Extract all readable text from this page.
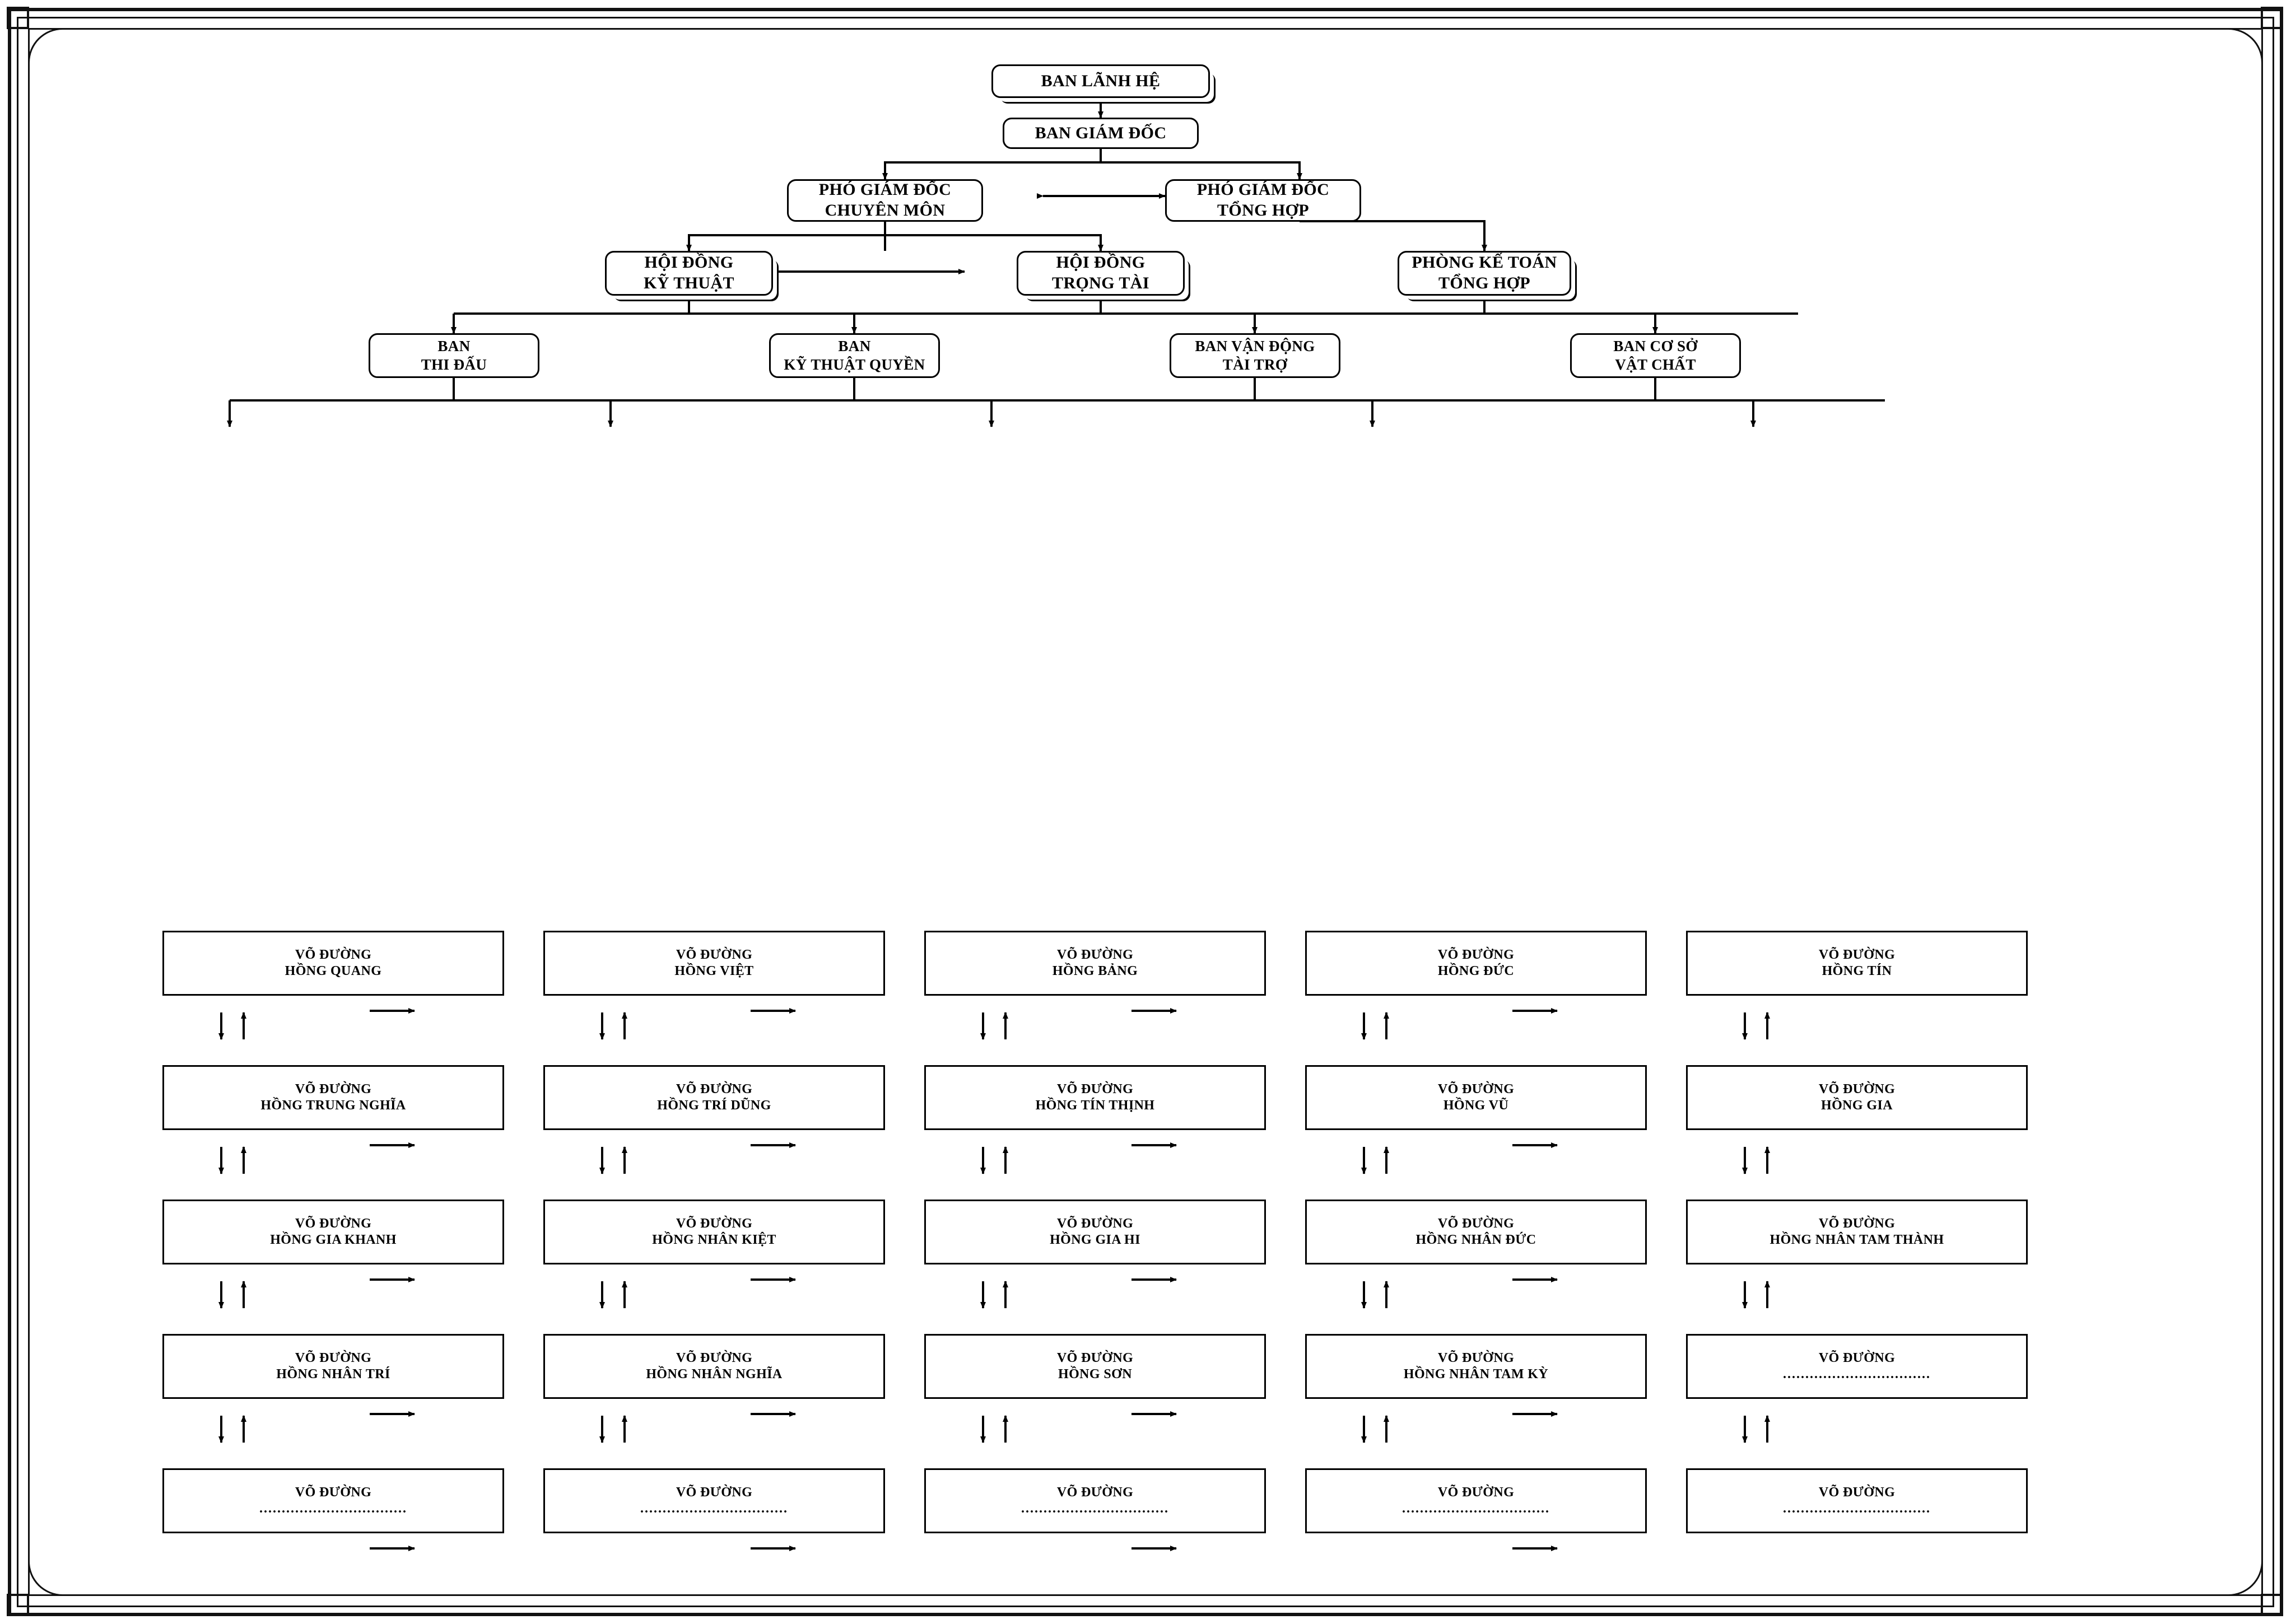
BAN LÃNH HỆ
BAN GIÁM ĐỐC
PHÓ GIÁM ĐỐC
CHUYÊN MÔN
PHÓ GIÁM ĐỐC
TỔNG HỢP
HỘI ĐỒNG
KỸ THUẬT
HỘI ĐỒNG
TRỌNG TÀI
PHÒNG KẾ TOÁN
TỔNG HỢP
BAN
THI ĐẤU
BAN
KỸ THUẬT QUYỀN
BAN VẬN ĐỘNG
TÀI TRỢ
BAN CƠ SỞ
VẬT CHẤT
VÕ ĐƯỜNG
HỒNG QUANG
VÕ ĐƯỜNG
HỒNG VIỆT
VÕ ĐƯỜNG
HỒNG BẢNG
VÕ ĐƯỜNG
HỒNG ĐỨC
VÕ ĐƯỜNG
HỒNG TÍN
VÕ ĐƯỜNG
HỒNG TRUNG NGHĨA
VÕ ĐƯỜNG
HỒNG TRÍ DŨNG
VÕ ĐƯỜNG
HỒNG TÍN THỊNH
VÕ ĐƯỜNG
HỒNG VŨ
VÕ ĐƯỜNG
HỒNG GIA
VÕ ĐƯỜNG
HỒNG GIA KHANH
VÕ ĐƯỜNG
HỒNG NHÂN KIỆT
VÕ ĐƯỜNG
HỒNG GIA HI
VÕ ĐƯỜNG
HỒNG NHÂN ĐỨC
VÕ ĐƯỜNG
HỒNG NHÂN TAM THÀNH
VÕ ĐƯỜNG
HỒNG NHÂN TRÍ
VÕ ĐƯỜNG
HỒNG NHÂN NGHĨA
VÕ ĐƯỜNG
HỒNG SƠN
VÕ ĐƯỜNG
HỒNG NHÂN TAM KỲ
VÕ ĐƯỜNG
.................................
VÕ ĐƯỜNG
.................................
VÕ ĐƯỜNG
.................................
VÕ ĐƯỜNG
.................................
VÕ ĐƯỜNG
.................................
VÕ ĐƯỜNG
.................................
